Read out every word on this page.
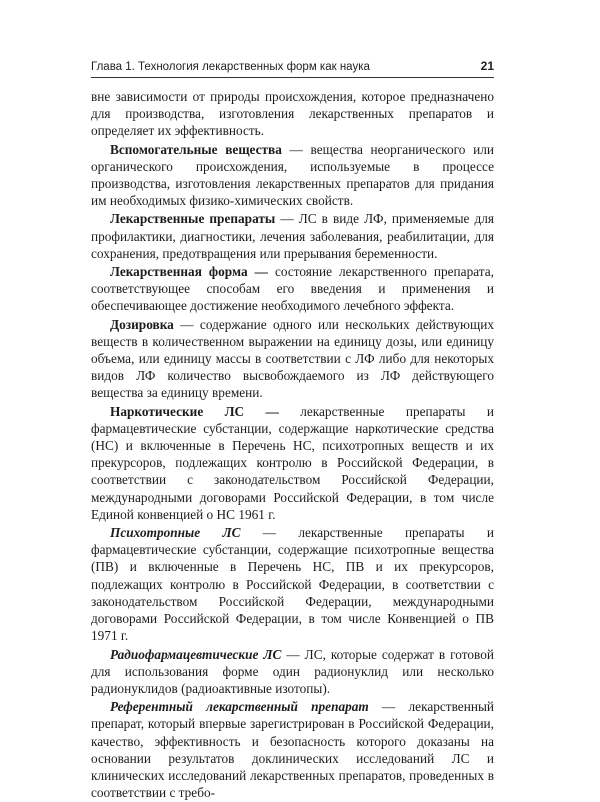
Глава 1. Технология лекарственных форм как наука	21

вне зависимости от природы происхождения, которое предназначено для производства, изготовления лекарственных препаратов и определяет их эффективность.

Вспомогательные вещества — вещества неорганического или органического происхождения, используемые в процессе производства, изготовления лекарственных препаратов для придания им необходимых физико-химических свойств.

Лекарственные препараты — ЛС в виде ЛФ, применяемые для профилактики, диагностики, лечения заболевания, реабилитации, для сохранения, предотвращения или прерывания беременности.

Лекарственная форма — состояние лекарственного препарата, соответствующее способам его введения и применения и обеспечивающее достижение необходимого лечебного эффекта.

Дозировка — содержание одного или нескольких действующих веществ в количественном выражении на единицу дозы, или единицу объема, или единицу массы в соответствии с ЛФ либо для некоторых видов ЛФ количество высвобождаемого из ЛФ действующего вещества за единицу времени.

Наркотические ЛС — лекарственные препараты и фармацевтические субстанции, содержащие наркотические средства (НС) и включенные в Перечень НС, психотропных веществ и их прекурсоров, подлежащих контролю в Российской Федерации, в соответствии с законодательством Российской Федерации, международными договорами Российской Федерации, в том числе Единой конвенцией о НС 1961 г.

Психотропные ЛС — лекарственные препараты и фармацевтические субстанции, содержащие психотропные вещества (ПВ) и включенные в Перечень НС, ПВ и их прекурсоров, подлежащих контролю в Российской Федерации, в соответствии с законодательством Российской Федерации, международными договорами Российской Федерации, в том числе Конвенцией о ПВ 1971 г.

Радиофармацевтические ЛС — ЛС, которые содержат в готовой для использования форме один радионуклид или несколько радионуклидов (радиоактивные изотопы).

Референтный лекарственный препарат — лекарственный препарат, который впервые зарегистрирован в Российской Федерации, качество, эффективность и безопасность которого доказаны на основании результатов доклинических исследований ЛС и клинических исследований лекарственных препаратов, проведенных в соответствии с требо-
